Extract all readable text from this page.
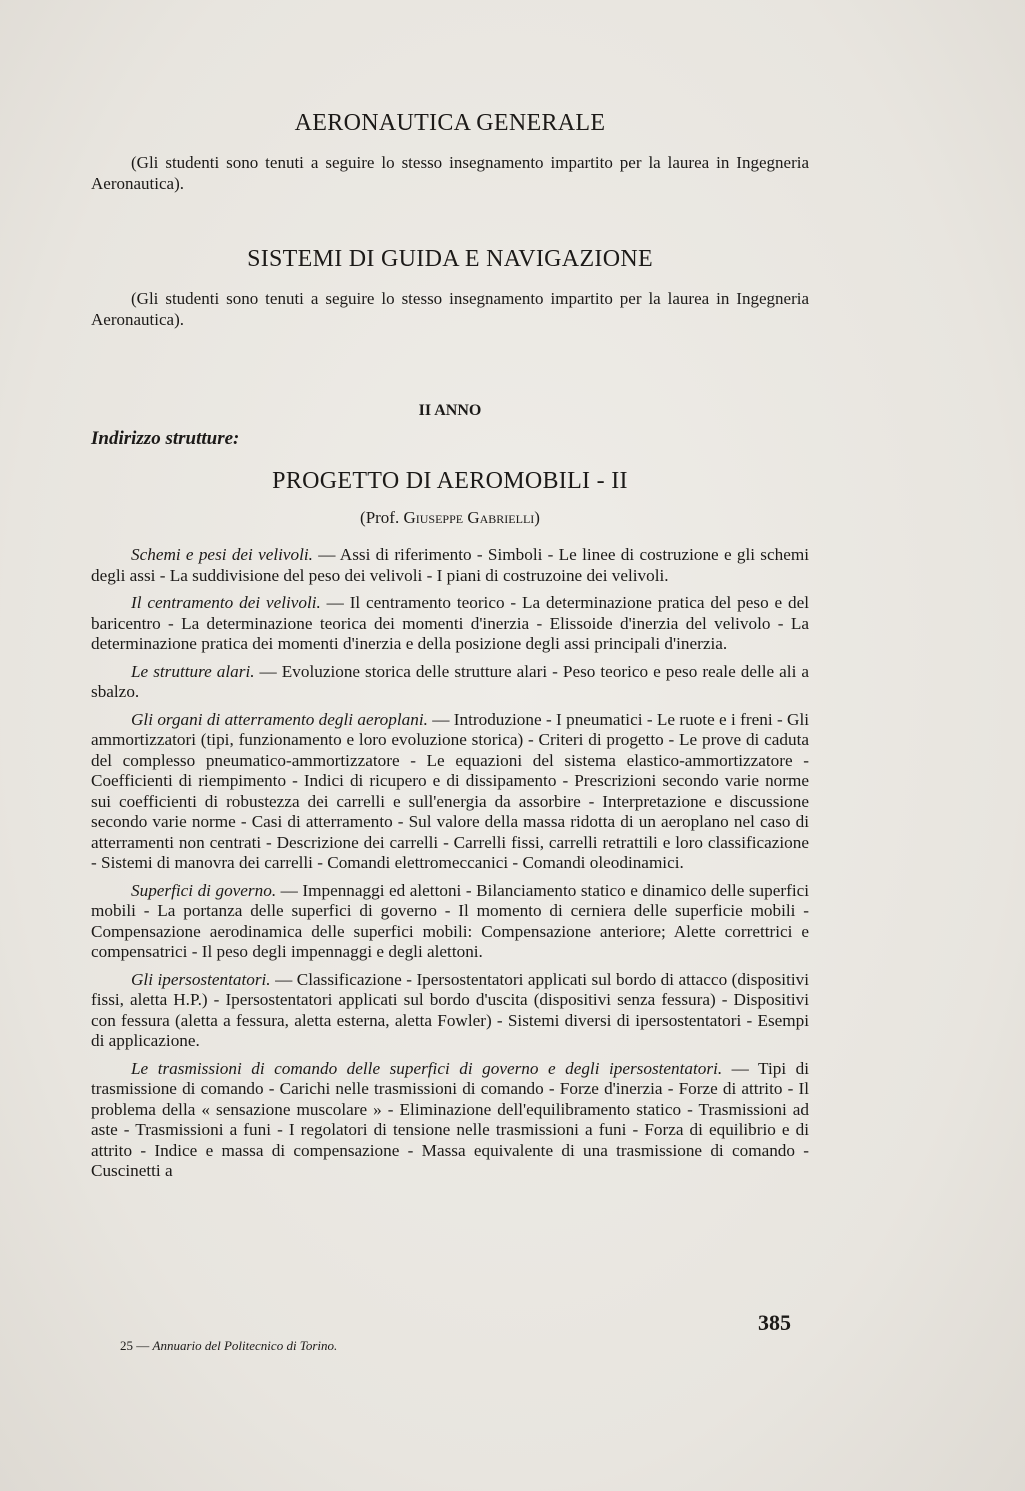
AERONAUTICA GENERALE
(Gli studenti sono tenuti a seguire lo stesso insegnamento impartito per la laurea in Ingegneria Aeronautica).
SISTEMI DI GUIDA E NAVIGAZIONE
(Gli studenti sono tenuti a seguire lo stesso insegnamento impartito per la laurea in Ingegneria Aeronautica).
II ANNO
Indirizzo strutture:
PROGETTO DI AEROMOBILI - II
(Prof. Giuseppe Gabrielli)

Schemi e pesi dei velivoli. — Assi di riferimento - Simboli - Le linee di costruzione e gli schemi degli assi - La suddivisione del peso dei velivoli - I piani di costruzoine dei velivoli.

Il centramento dei velivoli. — Il centramento teorico - La determinazione pratica del peso e del baricentro - La determinazione teorica dei momenti d'inerzia - Elissoide d'inerzia del velivolo - La determinazione pratica dei momenti d'inerzia e della posizione degli assi principali d'inerzia.

Le strutture alari. — Evoluzione storica delle strutture alari - Peso teorico e peso reale delle ali a sbalzo.

Gli organi di atterramento degli aeroplani. — Introduzione - I pneumatici - Le ruote e i freni - Gli ammortizzatori (tipi, funzionamento e loro evoluzione storica) - Criteri di progetto - Le prove di caduta del complesso pneumatico-ammortizzatore - Le equazioni del sistema elastico-ammortizzatore - Coefficienti di riempimento - Indici di ricupero e di dissipamento - Prescrizioni secondo varie norme sui coefficienti di robustezza dei carrelli e sull'energia da assorbire - Interpretazione e discussione secondo varie norme - Casi di atterramento - Sul valore della massa ridotta di un aeroplano nel caso di atterramenti non centrati - Descrizione dei carrelli - Carrelli fissi, carrelli retrattili e loro classificazione - Sistemi di manovra dei carrelli - Comandi elettromeccanici - Comandi oleodinamici.

Superfici di governo. — Impennaggi ed alettoni - Bilanciamento statico e dinamico delle superfici mobili - La portanza delle superfici di governo - Il momento di cerniera delle superficie mobili - Compensazione aerodinamica delle superfici mobili: Compensazione anteriore; Alette correttrici e compensatrici - Il peso degli impennaggi e degli alettoni.

Gli ipersostentatori. — Classificazione - Ipersostentatori applicati sul bordo di attacco (dispositivi fissi, aletta H.P.) - Ipersostentatori applicati sul bordo d'uscita (dispositivi senza fessura) - Dispositivi con fessura (aletta a fessura, aletta esterna, aletta Fowler) - Sistemi diversi di ipersostentatori - Esempi di applicazione.

Le trasmissioni di comando delle superfici di governo e degli ipersostentatori. — Tipi di trasmissione di comando - Carichi nelle trasmissioni di comando - Forze d'inerzia - Forze di attrito - Il problema della « sensazione muscolare » - Eliminazione dell'equilibramento statico - Trasmissioni ad aste - Trasmissioni a funi - I regolatori di tensione nelle trasmissioni a funi - Forza di equilibrio e di attrito - Indice e massa di compensazione - Massa equivalente di una trasmissione di comando - Cuscinetti a

385
25 — Annuario del Politecnico di Torino.
